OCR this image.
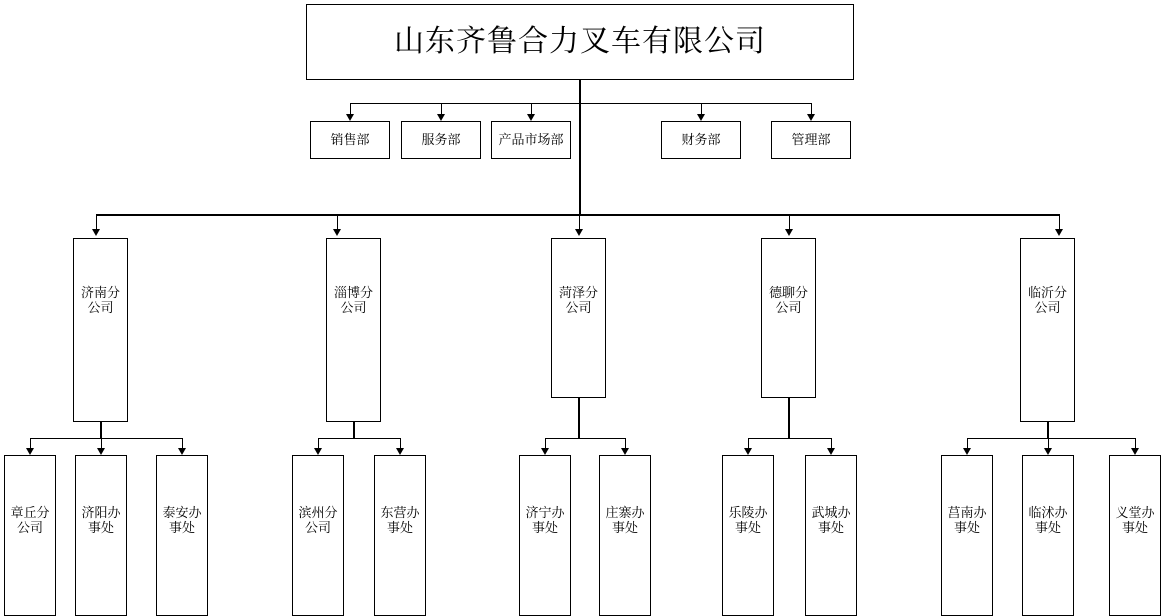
山东齐鲁合力叉车有限公司
销售部	服务部	产品市场部	财务部	管理部
济南分公司
淄博分公司
菏泽分公司
德聊分公司
临沂分公司
章丘分公司
济阳办事处
泰安办事处
滨州分公司
东营办事处
济宁办事处
庄寨办事处
乐陵办事处
武城办事处
莒南办事处
临沭办事处
义堂办事处
